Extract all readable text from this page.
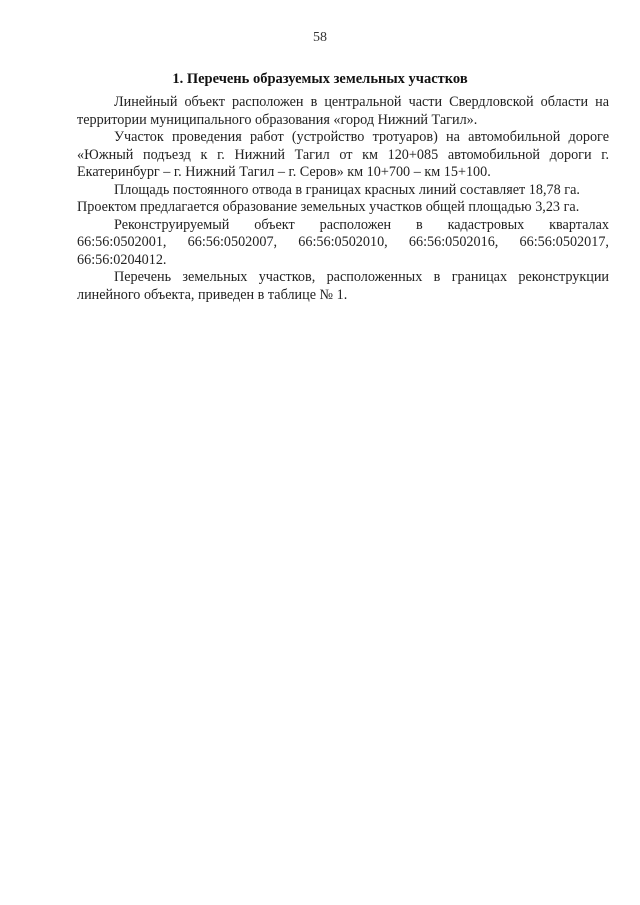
58
1. Перечень образуемых земельных участков

Линейный объект расположен в центральной части Свердловской области на территории муниципального образования «город Нижний Тагил».

Участок проведения работ (устройство тротуаров) на автомобильной дороге «Южный подъезд к г. Нижний Тагил от км 120+085 автомобильной дороги г. Екатеринбург – г. Нижний Тагил – г. Серов» км 10+700 – км 15+100.

Площадь постоянного отвода в границах красных линий составляет 18,78 га.

Проектом предлагается образование земельных участков общей площадью 3,23 га.

Реконструируемый объект расположен в кадастровых кварталах
66:56:0502001, 66:56:0502007, 66:56:0502010, 66:56:0502016, 66:56:0502017,
66:56:0204012.

Перечень земельных участков, расположенных в границах реконструкции линейного объекта, приведен в таблице № 1.
